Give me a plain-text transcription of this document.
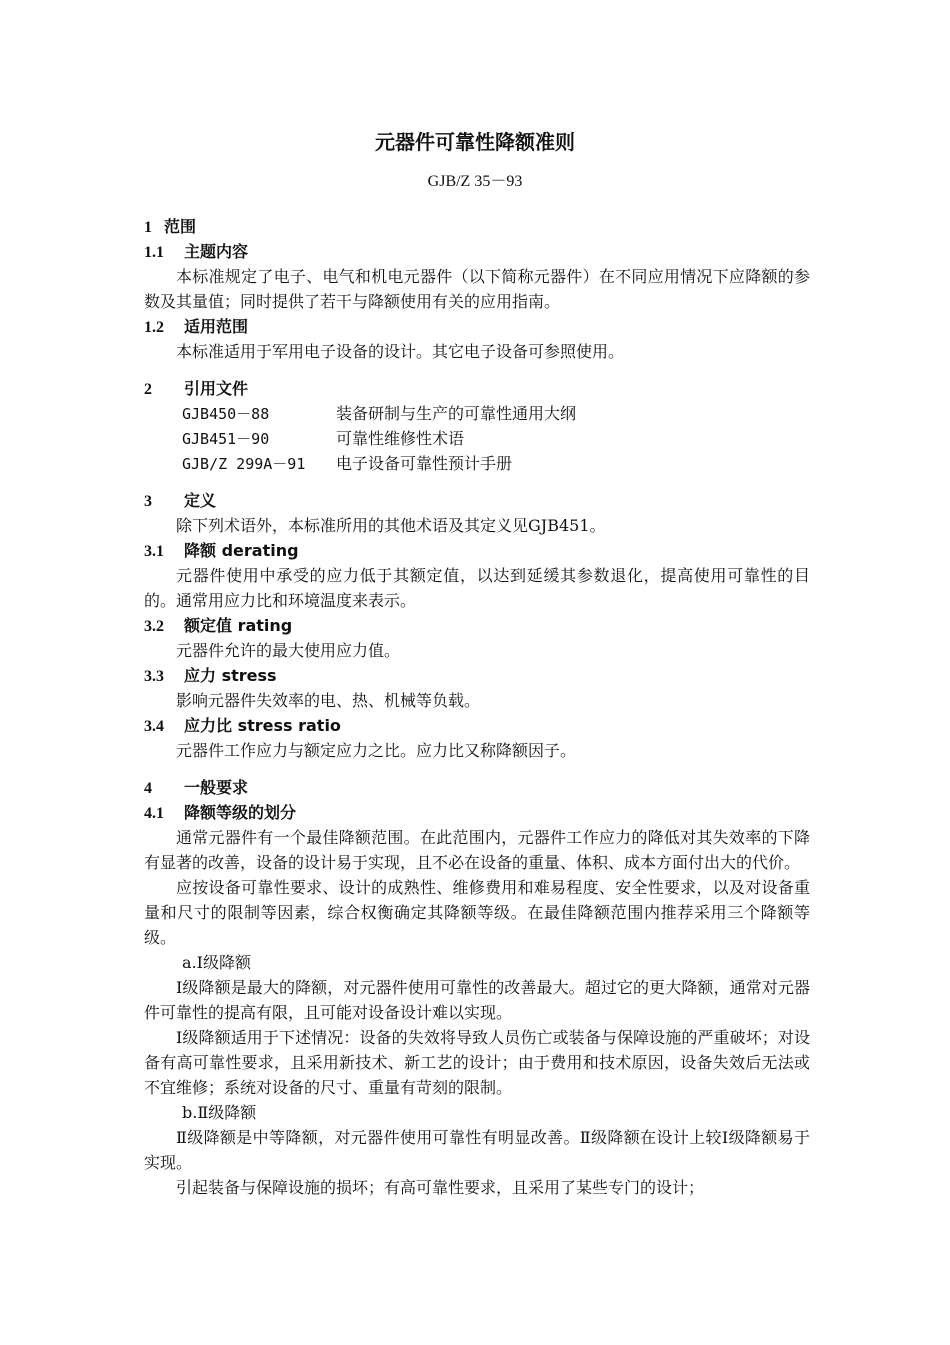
元器件可靠性降额准则
GJB/Z 35－93
1 范围
1.1 主题内容
本标准规定了电子、电气和机电元器件（以下简称元器件）在不同应用情况下应降额的参数及其量值；同时提供了若干与降额使用有关的应用指南。
1.2 适用范围
本标准适用于军用电子设备的设计。其它电子设备可参照使用。
2 引用文件
GJB450－88	装备研制与生产的可靠性通用大纲
GJB451－90	可靠性维修性术语
GJB/Z 299A－91 电子设备可靠性预计手册
3 定义
除下列术语外，本标准所用的其他术语及其定义见GJB451。
3.1 降额 derating
元器件使用中承受的应力低于其额定值，以达到延缓其参数退化，提高使用可靠性的目的。通常用应力比和环境温度来表示。
3.2 额定值 rating
元器件允许的最大使用应力值。
3.3 应力 stress
影响元器件失效率的电、热、机械等负载。
3.4 应力比 stress ratio
元器件工作应力与额定应力之比。应力比又称降额因子。
4 一般要求
4.1 降额等级的划分
通常元器件有一个最佳降额范围。在此范围内，元器件工作应力的降低对其失效率的下降有显著的改善，设备的设计易于实现，且不必在设备的重量、体积、成本方面付出大的代价。
应按设备可靠性要求、设计的成熟性、维修费用和难易程度、安全性要求，以及对设备重量和尺寸的限制等因素，综合权衡确定其降额等级。在最佳降额范围内推荐采用三个降额等级。
a.Ⅰ级降额
Ⅰ级降额是最大的降额，对元器件使用可靠性的改善最大。超过它的更大降额，通常对元器件可靠性的提高有限，且可能对设备设计难以实现。
Ⅰ级降额适用于下述情况：设备的失效将导致人员伤亡或装备与保障设施的严重破坏；对设备有高可靠性要求，且采用新技术、新工艺的设计；由于费用和技术原因，设备失效后无法或不宜维修；系统对设备的尺寸、重量有苛刻的限制。
b.Ⅱ级降额
Ⅱ级降额是中等降额，对元器件使用可靠性有明显改善。Ⅱ级降额在设计上较Ⅰ级降额易于实现。
引起装备与保障设施的损坏；有高可靠性要求，且采用了某些专门的设计；
